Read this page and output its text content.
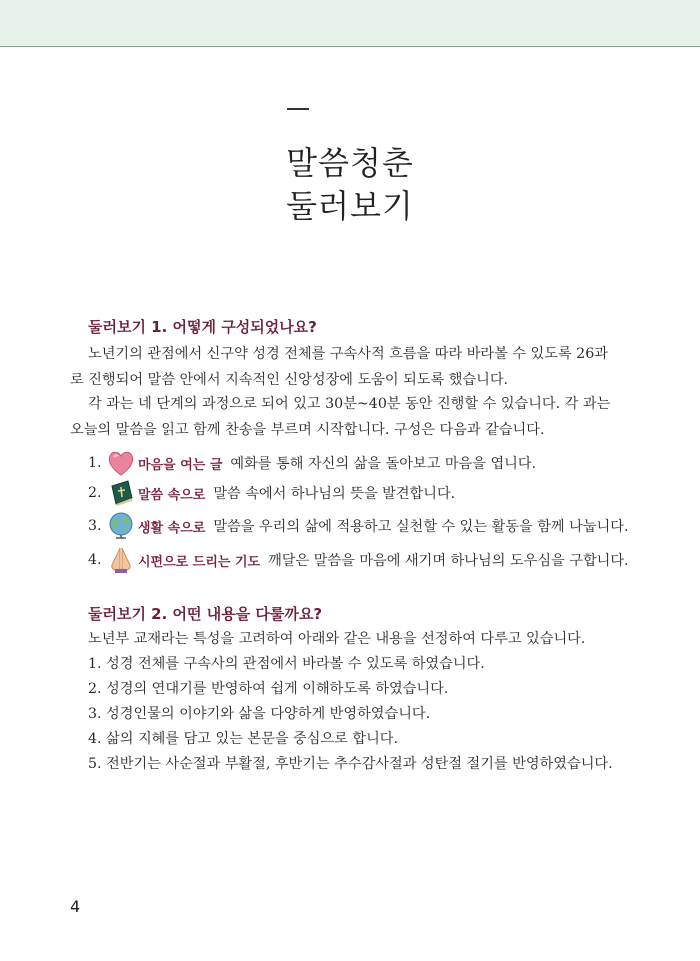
말씀청춘
둘러보기
둘러보기 1. 어떻게 구성되었나요?
노년기의 관점에서 신구약 성경 전체를 구속사적 흐름을 따라 바라볼 수 있도록 26과
로 진행되어 말씀 안에서 지속적인 신앙성장에 도움이 되도록 했습니다.
각 과는 네 단계의 과정으로 되어 있고 30분~40분 동안 진행할 수 있습니다. 각 과는
오늘의 말씀을 읽고 함께 찬송을 부르며 시작합니다. 구성은 다음과 같습니다.
1.	마음을 여는 글 예화를 통해 자신의 삶을 돌아보고 마음을 엽니다.
2.	말씀 속으로 말씀 속에서 하나님의 뜻을 발견합니다.
3.	생활 속으로 말씀을 우리의 삶에 적용하고 실천할 수 있는 활동을 함께 나눕니다.
4.	시편으로 드리는 기도 깨달은 말씀을 마음에 새기며 하나님의 도우심을 구합니다.
둘러보기 2. 어떤 내용을 다룰까요?
노년부 교재라는 특성을 고려하여 아래와 같은 내용을 선정하여 다루고 있습니다.
1. 성경 전체를 구속사의 관점에서 바라볼 수 있도록 하였습니다.
2. 성경의 연대기를 반영하여 쉽게 이해하도록 하였습니다.
3. 성경인물의 이야기와 삶을 다양하게 반영하였습니다.
4. 삶의 지혜를 담고 있는 본문을 중심으로 합니다.
5. 전반기는 사순절과 부활절, 후반기는 추수감사절과 성탄절 절기를 반영하였습니다.
4
